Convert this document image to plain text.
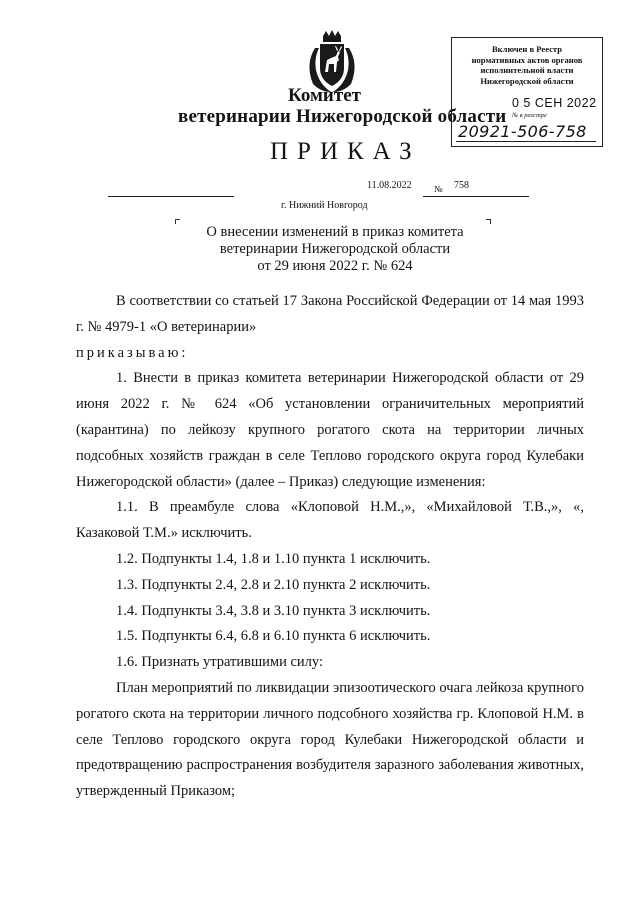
Включен в Реестр
нормативных актов органов
исполнительной власти
Нижегородской области
0 5 СЕН 2022
№ в реестре
20921-506-758
Комитет
ветеринарии Нижегородской области
ПРИКАЗ
11.08.2022 № 758
г. Нижний Новгород
О внесении изменений в приказ комитета
ветеринарии Нижегородской области
от 29 июня 2022 г. № 624

В соответствии со статьей 17 Закона Российской Федерации от 14 мая 1993 г. № 4979-1 «О ветеринарии»

приказываю:

1. Внести в приказ комитета ветеринарии Нижегородской области от 29 июня 2022 г. № 624 «Об установлении ограничительных мероприятий (карантина) по лейкозу крупного рогатого скота на территории личных подсобных хозяйств граждан в селе Теплово городского округа город Кулебаки Нижегородской области» (далее – Приказ) следующие изменения:

1.1. В преамбуле слова «Клоповой Н.М.,», «Михайловой Т.В.,», «, Казаковой Т.М.» исключить.

1.2. Подпункты 1.4, 1.8 и 1.10 пункта 1 исключить.

1.3. Подпункты 2.4, 2.8 и 2.10 пункта 2 исключить.

1.4. Подпункты 3.4, 3.8 и 3.10 пункта 3 исключить.

1.5. Подпункты 6.4, 6.8 и 6.10 пункта 6 исключить.

1.6. Признать утратившими силу:

План мероприятий по ликвидации эпизоотического очага лейкоза крупного рогатого скота на территории личного подсобного хозяйства гр. Клоповой Н.М. в селе Теплово городского округа город Кулебаки Нижегородской области и предотвращению распространения возбудителя заразного заболевания животных, утвержденный Приказом;
